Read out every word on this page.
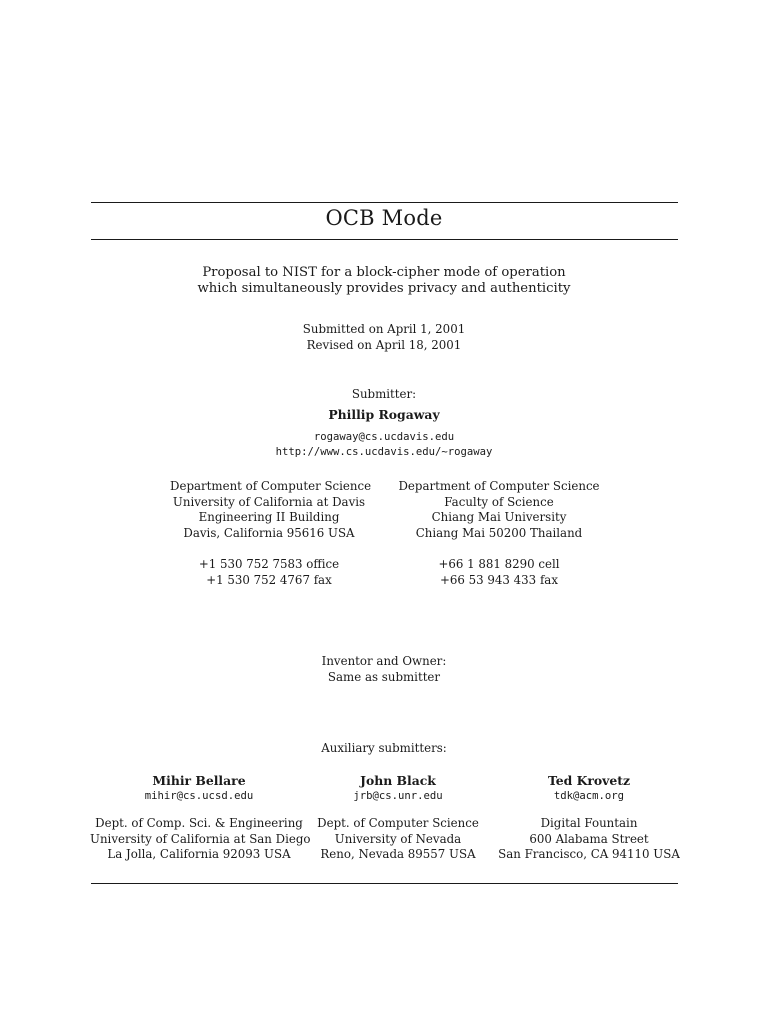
OCB Mode
Proposal to NIST for a block-cipher mode of operation
which simultaneously provides privacy and authenticity
Submitted on April 1, 2001
Revised on April 18, 2001
Submitter:
Phillip Rogaway
rogaway@cs.ucdavis.edu
http://www.cs.ucdavis.edu/~rogaway
Department of Computer Science
University of California at Davis
Engineering II Building
Davis, California 95616 USA
+1 530 752 7583 office
+1 530 752 4767 fax
Department of Computer Science
Faculty of Science
Chiang Mai University
Chiang Mai 50200 Thailand
+66 1 881 8290 cell
+66 53 943 433 fax
Inventor and Owner:
Same as submitter
Auxiliary submitters:
Mihir Bellare
mihir@cs.ucsd.edu
Dept. of Comp. Sci. & Engineering
University of California at San Diego
La Jolla, California 92093 USA
John Black
jrb@cs.unr.edu
Dept. of Computer Science
University of Nevada
Reno, Nevada 89557 USA
Ted Krovetz
tdk@acm.org
Digital Fountain
600 Alabama Street
San Francisco, CA 94110 USA
